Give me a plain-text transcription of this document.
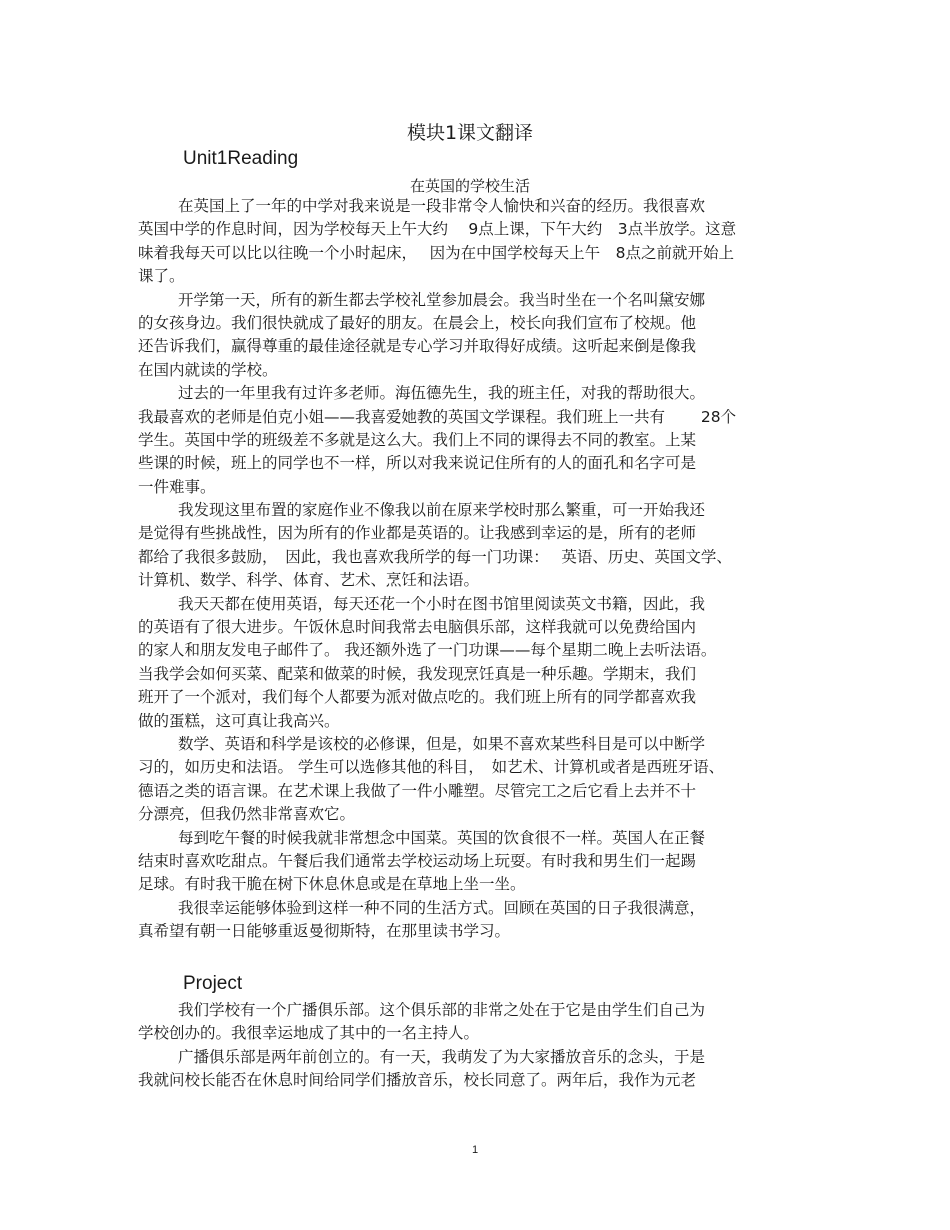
模块1课文翻译
Unit1Reading
在英国的学校生活
在英国上了一年的中学对我来说是一段非常令人愉快和兴奋的经历。我很喜欢
英国中学的作息时间，因为学校每天上午大约　 9点上课，下午大约　3点半放学。这意
味着我每天可以比以往晚一个小时起床，　 因为在中国学校每天上午　8点之前就开始上
课了。
开学第一天，所有的新生都去学校礼堂参加晨会。我当时坐在一个名叫黛安娜
的女孩身边。我们很快就成了最好的朋友。在晨会上，校长向我们宣布了校规。他
还告诉我们，赢得尊重的最佳途径就是专心学习并取得好成绩。这听起来倒是像我
在国内就读的学校。
过去的一年里我有过许多老师。海伍德先生，我的班主任，对我的帮助很大。
我最喜欢的老师是伯克小姐——我喜爱她教的英国文学课程。我们班上一共有　　 28个
学生。英国中学的班级差不多就是这么大。我们上不同的课得去不同的教室。上某
些课的时候，班上的同学也不一样，所以对我来说记住所有的人的面孔和名字可是
一件难事。
我发现这里布置的家庭作业不像我以前在原来学校时那么繁重，可一开始我还
是觉得有些挑战性，因为所有的作业都是英语的。让我感到幸运的是，所有的老师
都给了我很多鼓励，　因此，我也喜欢我所学的每一门功课：　 英语、历史、英国文学、
计算机、数学、科学、体育、艺术、烹饪和法语。
我天天都在使用英语，每天还花一个小时在图书馆里阅读英文书籍，因此，我
的英语有了很大进步。午饭休息时间我常去电脑俱乐部，这样我就可以免费给国内
的家人和朋友发电子邮件了。 我还额外选了一门功课——每个星期二晚上去听法语。
当我学会如何买菜、配菜和做菜的时候，我发现烹饪真是一种乐趣。学期末，我们
班开了一个派对，我们每个人都要为派对做点吃的。我们班上所有的同学都喜欢我
做的蛋糕，这可真让我高兴。
数学、英语和科学是该校的必修课，但是，如果不喜欢某些科目是可以中断学
习的，如历史和法语。 学生可以选修其他的科目，　如艺术、计算机或者是西班牙语、
德语之类的语言课。在艺术课上我做了一件小雕塑。尽管完工之后它看上去并不十
分漂亮，但我仍然非常喜欢它。
每到吃午餐的时候我就非常想念中国菜。英国的饮食很不一样。英国人在正餐
结束时喜欢吃甜点。午餐后我们通常去学校运动场上玩耍。有时我和男生们一起踢
足球。有时我干脆在树下休息休息或是在草地上坐一坐。
我很幸运能够体验到这样一种不同的生活方式。回顾在英国的日子我很满意，
真希望有朝一日能够重返曼彻斯特，在那里读书学习。
Project
我们学校有一个广播俱乐部。这个俱乐部的非常之处在于它是由学生们自己为
学校创办的。我很幸运地成了其中的一名主持人。
广播俱乐部是两年前创立的。有一天，我萌发了为大家播放音乐的念头，于是
我就问校长能否在休息时间给同学们播放音乐，校长同意了。两年后，我作为元老
1
